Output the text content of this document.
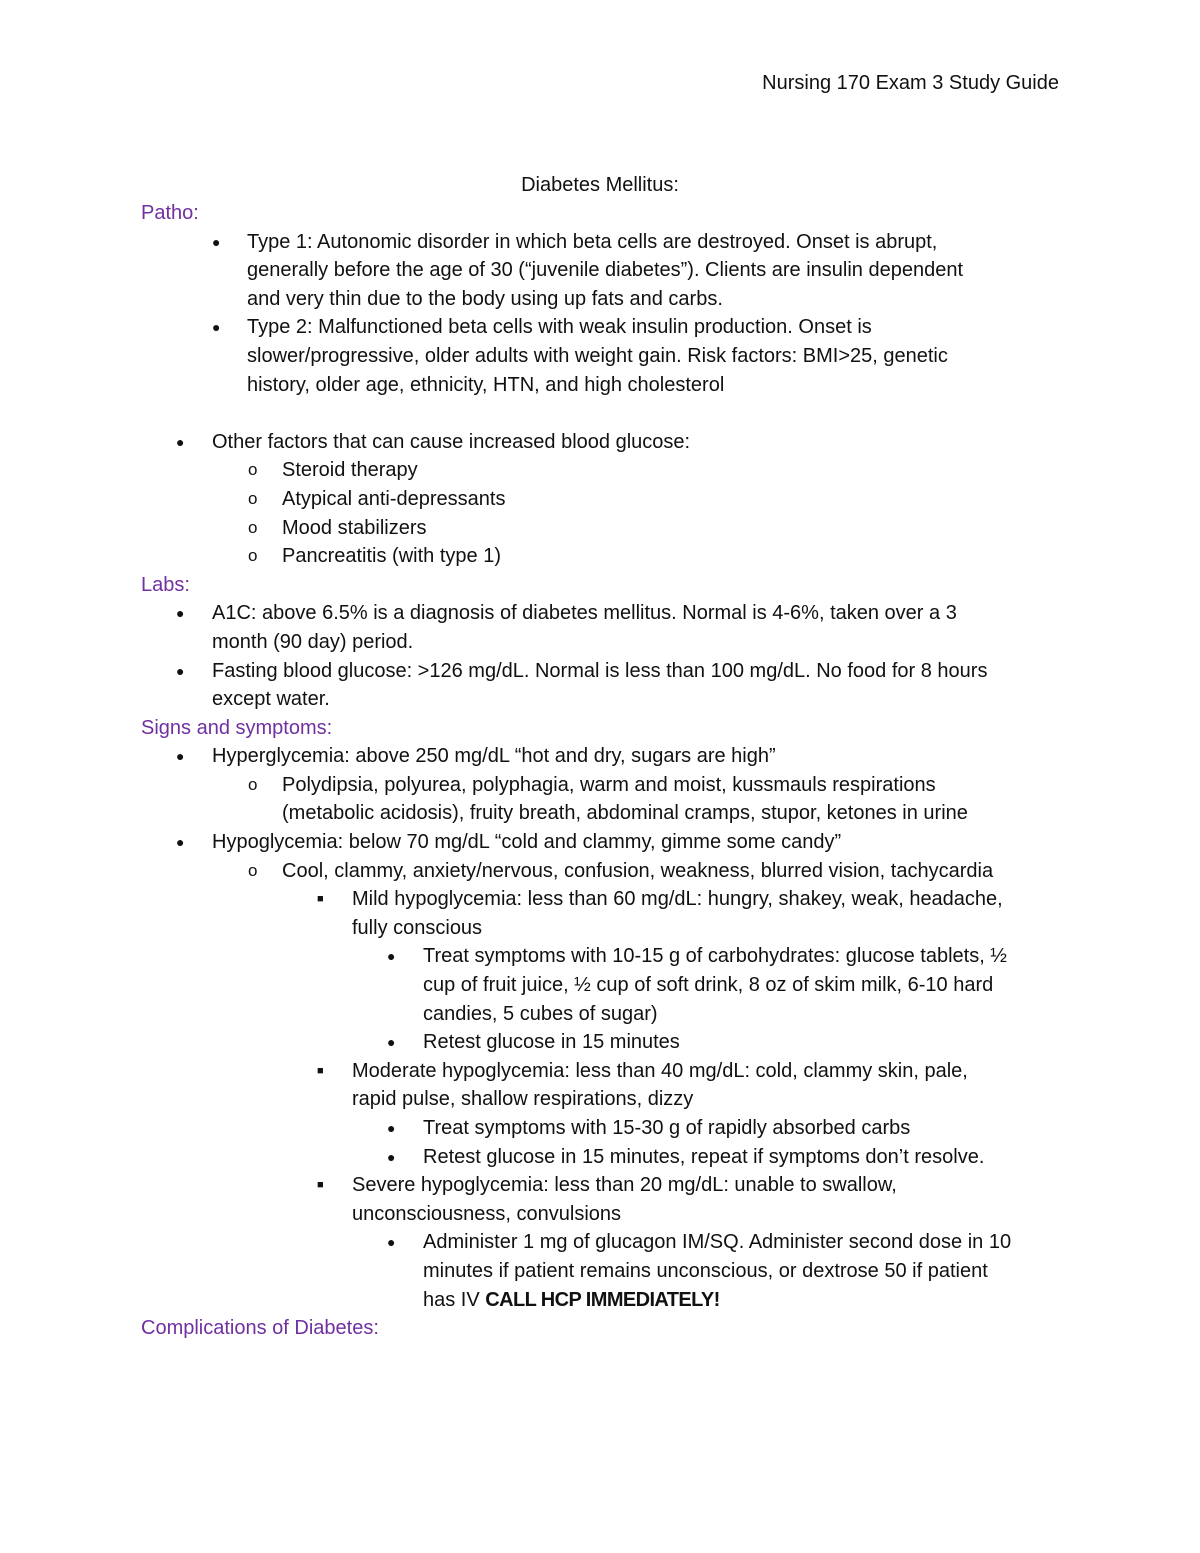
Nursing 170 Exam 3 Study Guide
Diabetes Mellitus:
Patho:
● Type 1: Autonomic disorder in which beta cells are destroyed. Onset is abrupt,
generally before the age of 30 (“juvenile diabetes”). Clients are insulin dependent
and very thin due to the body using up fats and carbs.
● Type 2: Malfunctioned beta cells with weak insulin production. Onset is
slower/progressive, older adults with weight gain. Risk factors: BMI>25, genetic
history, older age, ethnicity, HTN, and high cholesterol
● Other factors that can cause increased blood glucose:
o Steroid therapy
o Atypical anti-depressants
o Mood stabilizers
o Pancreatitis (with type 1)
Labs:
● A1C: above 6.5% is a diagnosis of diabetes mellitus. Normal is 4-6%, taken over a 3
month (90 day) period.
● Fasting blood glucose: >126 mg/dL. Normal is less than 100 mg/dL. No food for 8 hours
except water.
Signs and symptoms:
● Hyperglycemia: above 250 mg/dL “hot and dry, sugars are high”
o Polydipsia, polyurea, polyphagia, warm and moist, kussmauls respirations
(metabolic acidosis), fruity breath, abdominal cramps, stupor, ketones in urine
● Hypoglycemia: below 70 mg/dL “cold and clammy, gimme some candy”
o Cool, clammy, anxiety/nervous, confusion, weakness, blurred vision, tachycardia
■ Mild hypoglycemia: less than 60 mg/dL: hungry, shakey, weak, headache,
fully conscious
● Treat symptoms with 10-15 g of carbohydrates: glucose tablets, ½
cup of fruit juice, ½ cup of soft drink, 8 oz of skim milk, 6-10 hard
candies, 5 cubes of sugar)
● Retest glucose in 15 minutes
■ Moderate hypoglycemia: less than 40 mg/dL: cold, clammy skin, pale,
rapid pulse, shallow respirations, dizzy
● Treat symptoms with 15-30 g of rapidly absorbed carbs
● Retest glucose in 15 minutes, repeat if symptoms don’t resolve.
■ Severe hypoglycemia: less than 20 mg/dL: unable to swallow,
unconsciousness, convulsions
● Administer 1 mg of glucagon IM/SQ. Administer second dose in 10
minutes if patient remains unconscious, or dextrose 50 if patient
has IV CALL HCP IMMEDIATELY!
Complications of Diabetes:
